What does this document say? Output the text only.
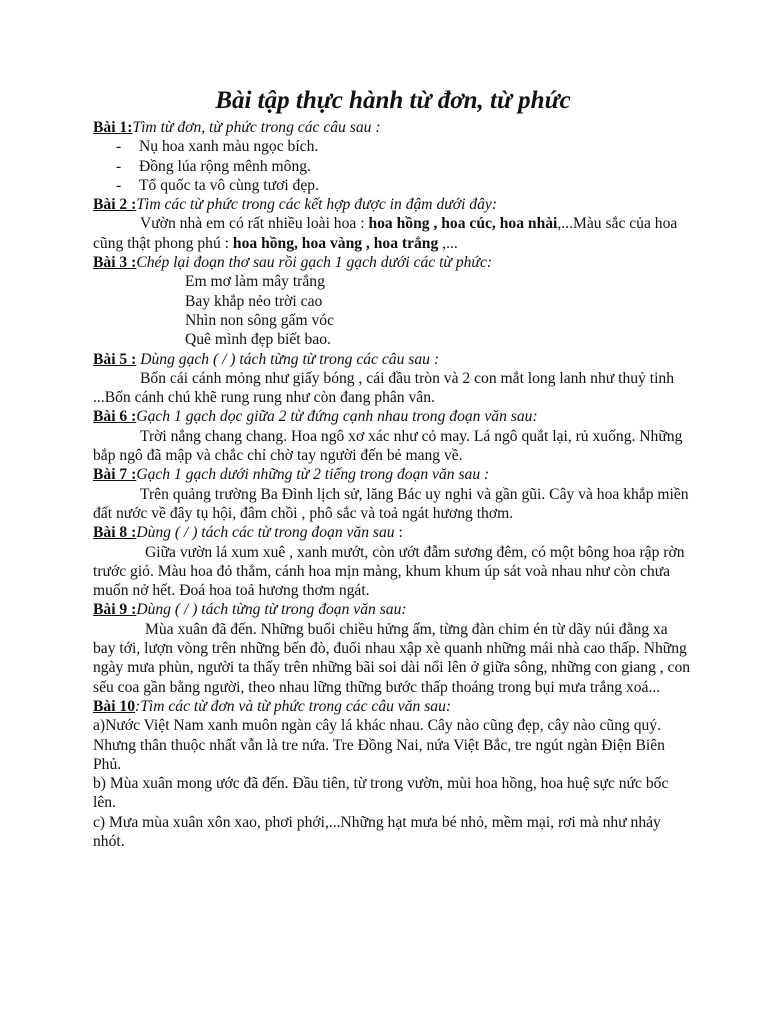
Bài tập thực hành từ đơn, từ phức

Bài 1:Tìm từ đơn, từ phức trong các câu sau :

- Nụ hoa xanh màu ngọc bích.
- Đồng lúa rộng mênh mông.
- Tổ quốc ta vô cùng tươi đẹp.

Bài 2 :Tìm các từ phức trong các kết hợp được in đậm dưới đây:

Vườn nhà em có rất nhiều loài hoa : hoa hồng , hoa cúc, hoa nhài,...Màu sắc của hoa cũng thật phong phú : hoa hồng, hoa vàng , hoa trắng ,...

Bài 3 :Chép lại đoạn thơ sau rồi gạch 1 gạch dưới các từ phức:

Em mơ làm mây trắng
Bay khắp nẻo trời cao
Nhìn non sông gấm vóc
Quê mình đẹp biết bao.

Bài 5 : Dùng gạch ( / ) tách từng từ trong các câu sau :

Bốn cái cánh mỏng như giấy bóng , cái đầu tròn và 2 con mắt long lanh như thuỷ tinh ...Bốn cánh chú khẽ rung rung như còn đang phân vân.

Bài 6 :Gạch 1 gạch dọc giữa 2 từ đứng cạnh nhau trong đoạn văn sau:

Trời nắng chang chang. Hoa ngô xơ xác như cỏ may. Lá ngô quắt lại, rủ xuống. Những bắp ngô đã mập và chắc chỉ chờ tay người đến bẻ mang về.

Bài 7 :Gạch 1 gạch dưới những từ 2 tiếng trong đoạn văn sau :

Trên quảng trường Ba Đình lịch sử, lăng Bác uy nghi và gần gũi. Cây và hoa khắp miền đất nước về đây tụ hội, đâm chồi , phô sắc và toả ngát hương thơm.

Bài 8 :Dùng ( / ) tách các từ trong đoạn văn sau :

Giữa vườn lá xum xuê , xanh mướt, còn ướt đẫm sương đêm, có một bông hoa rập rờn trước gió. Màu hoa đỏ thắm, cánh hoa mịn màng, khum khum úp sát voà nhau như còn chưa muốn nở hết. Đoá hoa toả hương thơm ngát.

Bài 9 :Dùng ( / ) tách từng từ trong đoạn văn sau:

Mùa xuân đã đến. Những buổi chiều hửng ấm, từng đàn chim én từ dãy núi đằng xa bay tới, lượn vòng trên những bến đò, đuổi nhau xập xè quanh những mái nhà cao thấp. Những ngày mưa phùn, người ta thấy trên những bãi soi dài nổi lên ở giữa sông, những con giang , con sếu coa gần bằng người, theo nhau lững thững bước thấp thoáng trong bụi mưa trắng xoá...

Bài 10:Tìm các từ đơn và từ phức trong các câu văn sau:

a)Nước Việt Nam xanh muôn ngàn cây lá khác nhau. Cây nào cũng đẹp, cây nào cũng quý. Nhưng thân thuộc nhất vẫn là tre nứa. Tre Đồng Nai, nứa Việt Bắc, tre ngút ngàn Điện Biên Phủ.

b) Mùa xuân mong ước đã đến. Đầu tiên, từ trong vườn, mùi hoa hồng, hoa huệ sực nức bốc lên.

c) Mưa mùa xuân xôn xao, phơi phới,...Những hạt mưa bé nhỏ, mềm mại, rơi mà như nhảy nhót.
